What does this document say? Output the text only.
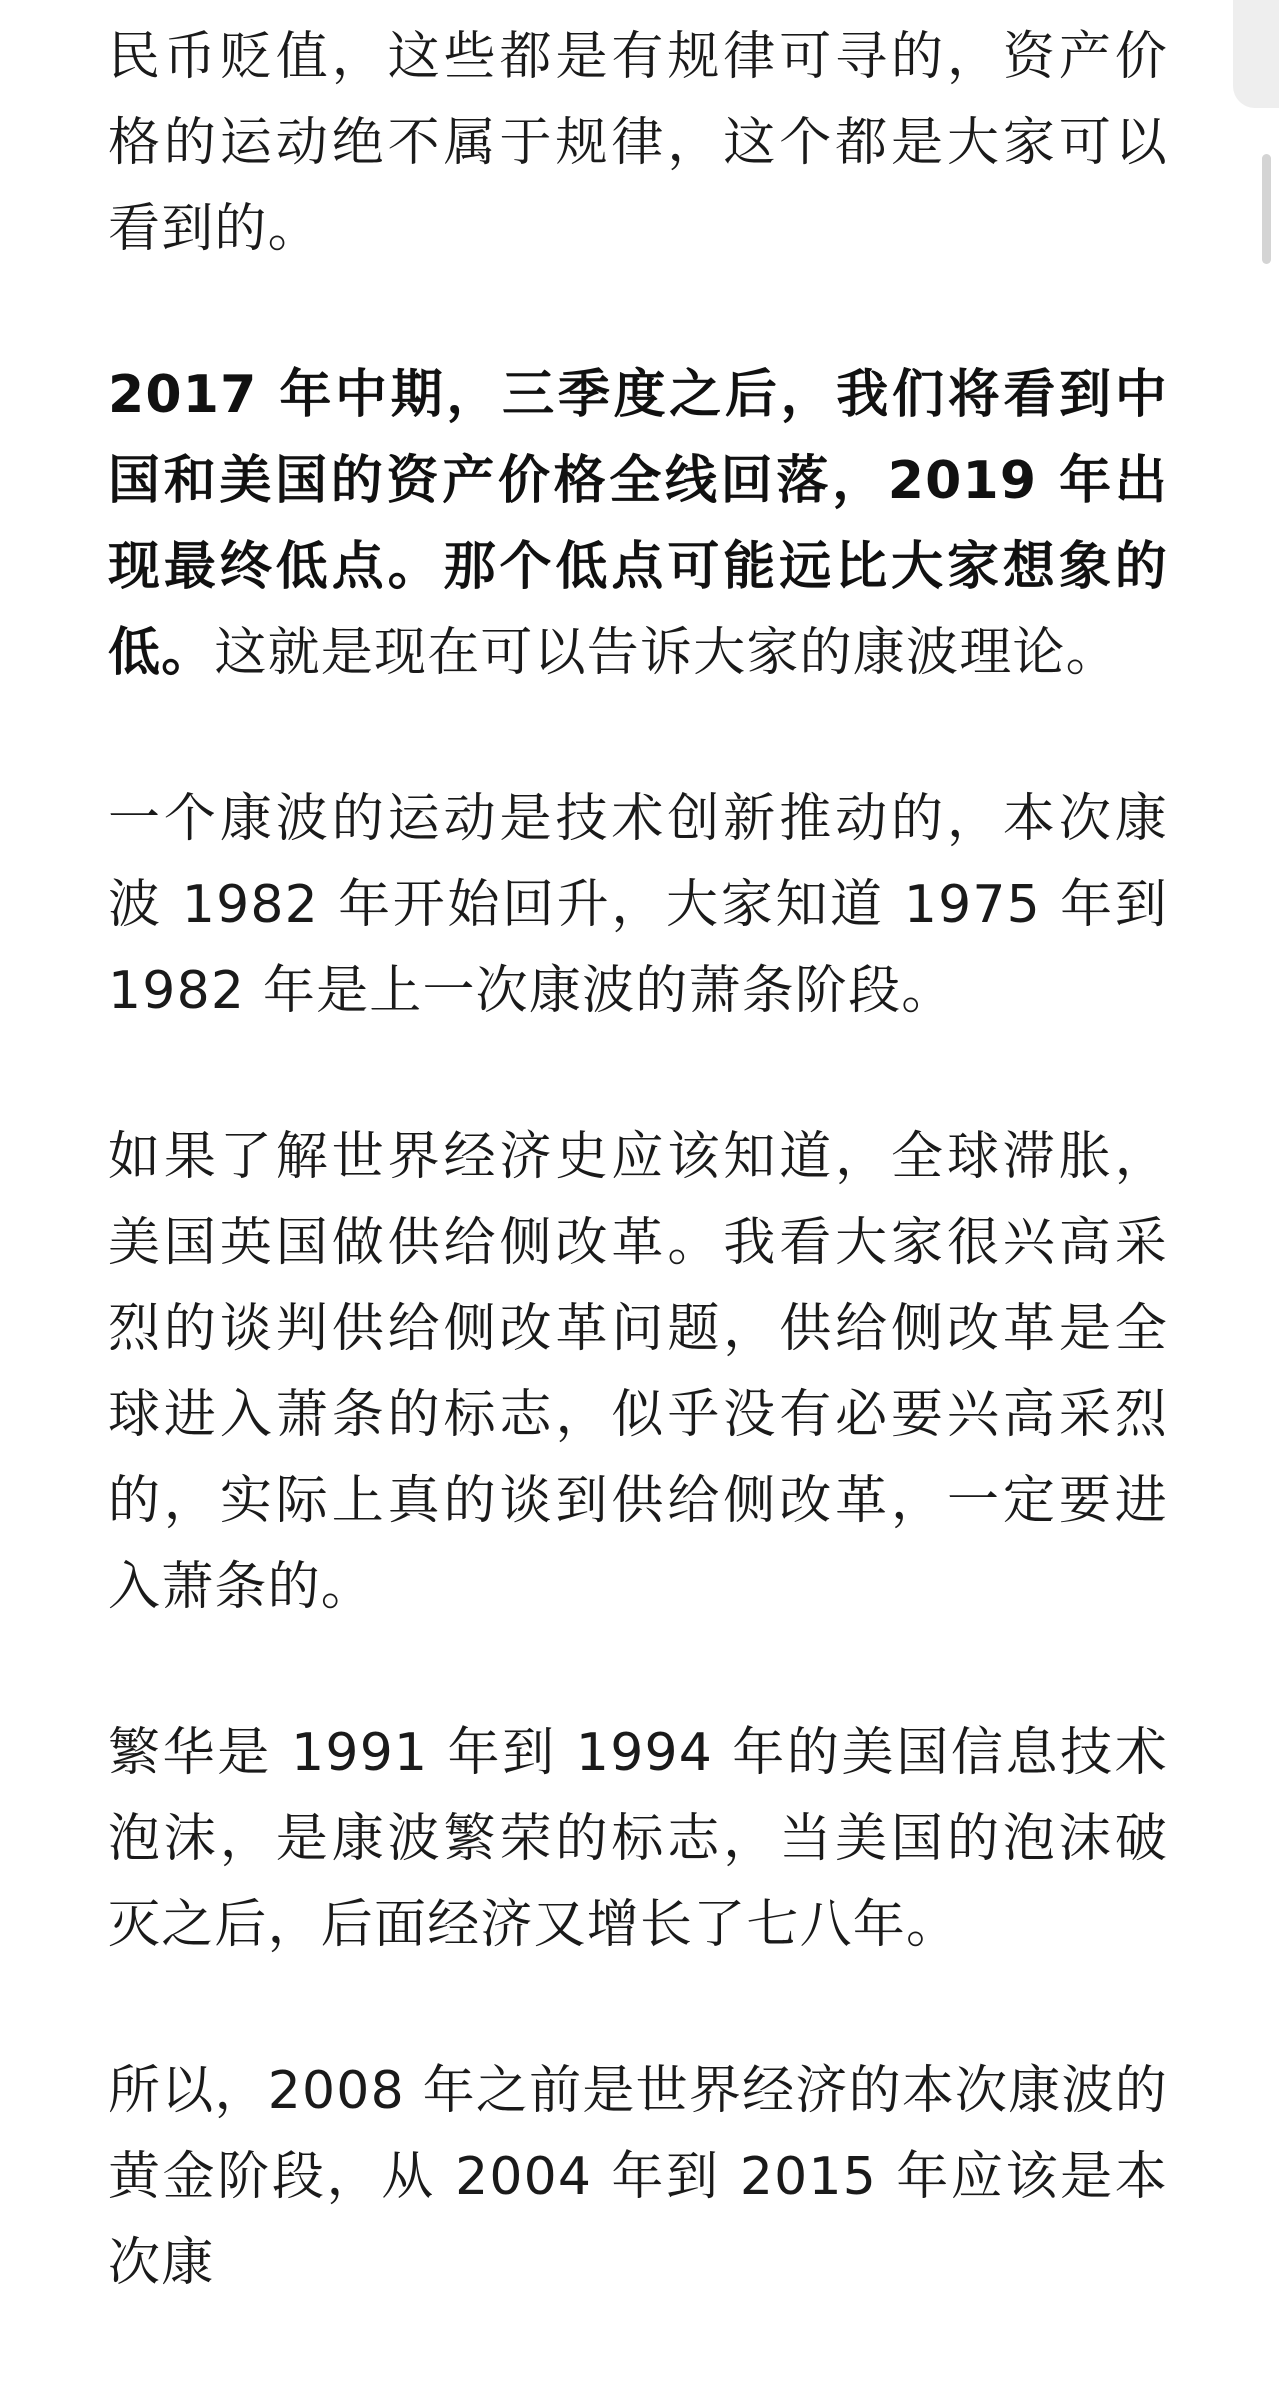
民币贬值，这些都是有规律可寻的，资产价格的运动绝不属于规律，这个都是大家可以看到的。

2017 年中期，三季度之后，我们将看到中国和美国的资产价格全线回落，2019 年出现最终低点。那个低点可能远比大家想象的低。这就是现在可以告诉大家的康波理论。

一个康波的运动是技术创新推动的，本次康波 1982 年开始回升，大家知道 1975 年到 1982 年是上一次康波的萧条阶段。

如果了解世界经济史应该知道，全球滞胀，美国英国做供给侧改革。我看大家很兴高采烈的谈判供给侧改革问题，供给侧改革是全球进入萧条的标志，似乎没有必要兴高采烈的，实际上真的谈到供给侧改革，一定要进入萧条的。

繁华是 1991 年到 1994 年的美国信息技术泡沫，是康波繁荣的标志，当美国的泡沫破灭之后，后面经济又增长了七八年。

所以，2008 年之前是世界经济的本次康波的黄金阶段，从 2004 年到 2015 年应该是本次康
